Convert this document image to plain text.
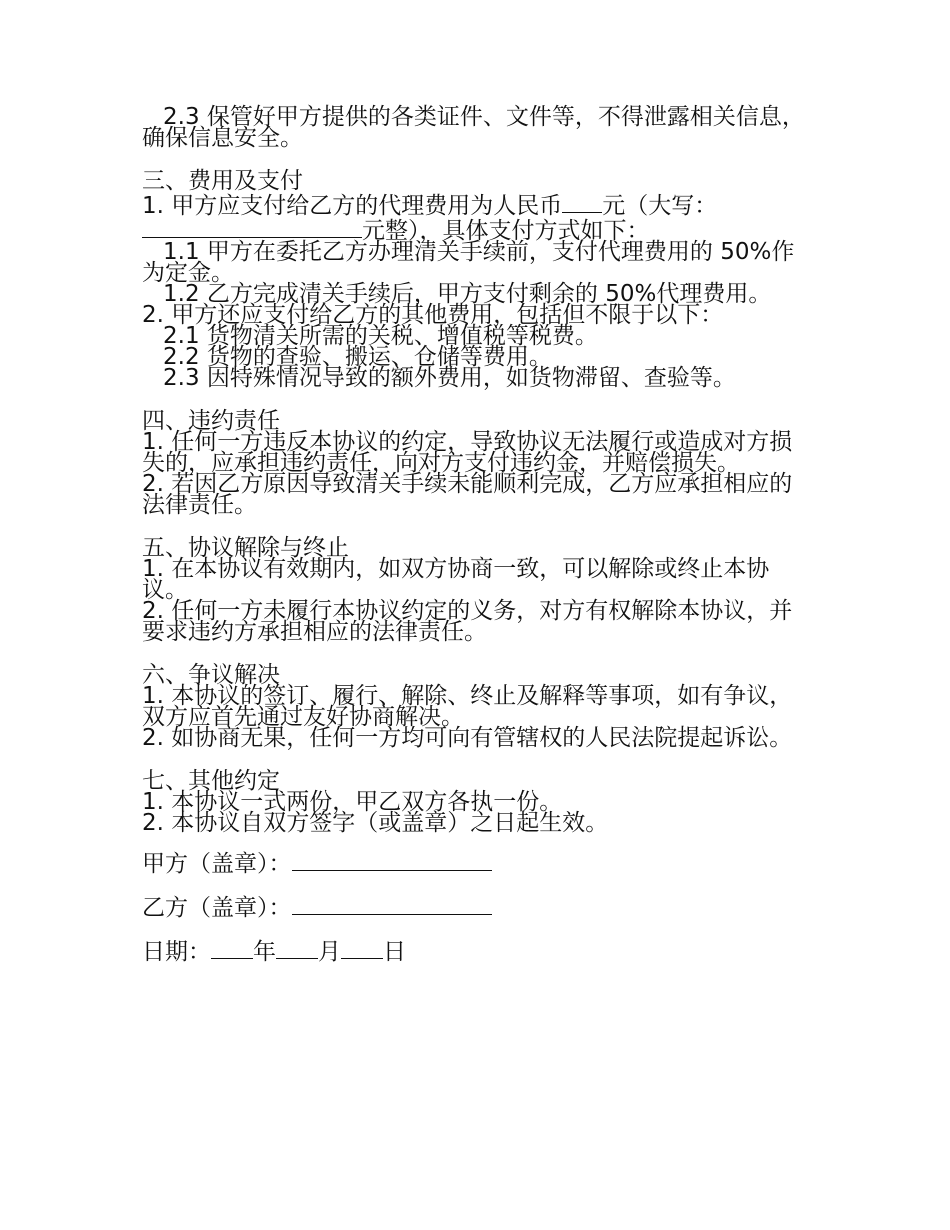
2.3 保管好甲方提供的各类证件、文件等，不得泄露相关信息，确保信息安全。

三、费用及支付

1. 甲方应支付给乙方的代理费用为人民币 元（大写：元整），具体支付方式如下：

1.1 甲方在委托乙方办理清关手续前，支付代理费用的 50%作为定金。

1.2 乙方完成清关手续后，甲方支付剩余的 50%代理费用。

2. 甲方还应支付给乙方的其他费用，包括但不限于以下：

2.1 货物清关所需的关税、增值税等税费。

2.2 货物的查验、搬运、仓储等费用。

2.3 因特殊情况导致的额外费用，如货物滞留、查验等。

四、违约责任

1. 任何一方违反本协议的约定，导致协议无法履行或造成对方损失的，应承担违约责任，向对方支付违约金，并赔偿损失。

2. 若因乙方原因导致清关手续未能顺利完成，乙方应承担相应的法律责任。

五、协议解除与终止

1. 在本协议有效期内，如双方协商一致，可以解除或终止本协议。

2. 任何一方未履行本协议约定的义务，对方有权解除本协议，并要求违约方承担相应的法律责任。

六、争议解决

1. 本协议的签订、履行、解除、终止及解释等事项，如有争议，双方应首先通过友好协商解决。

2. 如协商无果，任何一方均可向有管辖权的人民法院提起诉讼。

七、其他约定

1. 本协议一式两份，甲乙双方各执一份。

2. 本协议自双方签字（或盖章）之日起生效。

甲方（盖章）：

乙方（盖章）：

日期： 年 月 日
